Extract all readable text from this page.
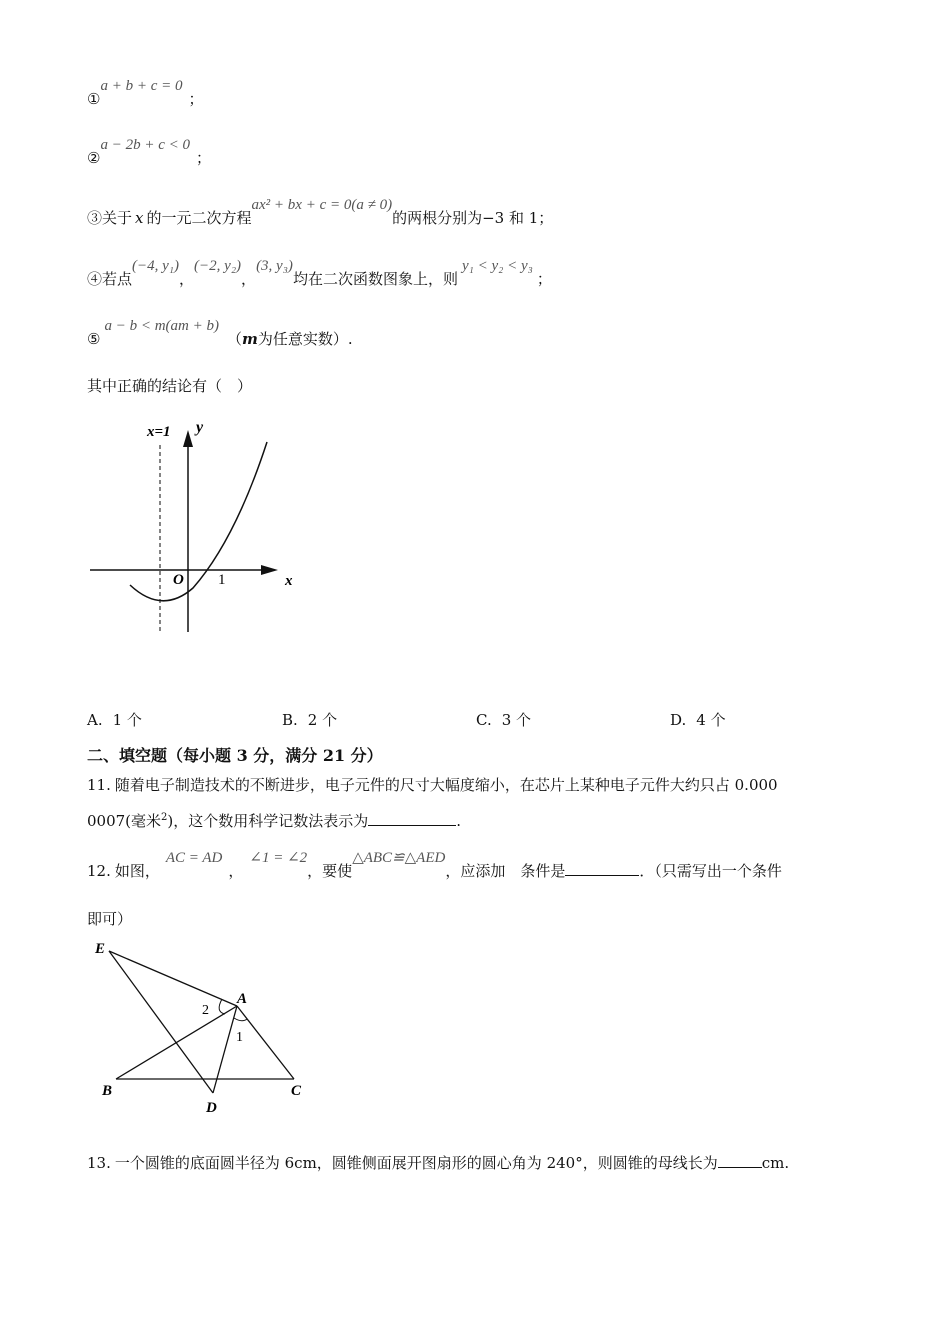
①a + b + c = 0；
②a − 2b + c < 0；
③关于 x 的一元二次方程ax² + bx + c = 0(a ≠ 0)的两根分别为−3 和 1；
④若点(−4, y₁)，(−2, y₂)，(3, y₃)均在二次函数图象上，则y₁ < y₂ < y₃；
⑤a − b < m(am + b)（m为任意实数）.
其中正确的结论有（　）
x=1 y
O 1	x
A. 1 个	B. 2 个	C. 3 个	D. 4 个
二、填空题（每小题 3 分，满分 21 分）
11. 随着电子制造技术的不断进步，电子元件的尺寸大幅度缩小，在芯片上某种电子元件大约只占 0.000
0007(毫米$^2$)，这个数用科学记数法表示为	.
12. 如图，AC = AD，∠1 = ∠2，要使△ABC≌△AED，应添加　条件是	．（只需写出一个条件
即可）
E
A
B
D
C
2
1
13. 一个圆锥的底面圆半径为 6cm，圆锥侧面展开图扇形的圆心角为 240°，则圆锥的母线长为	cm.
